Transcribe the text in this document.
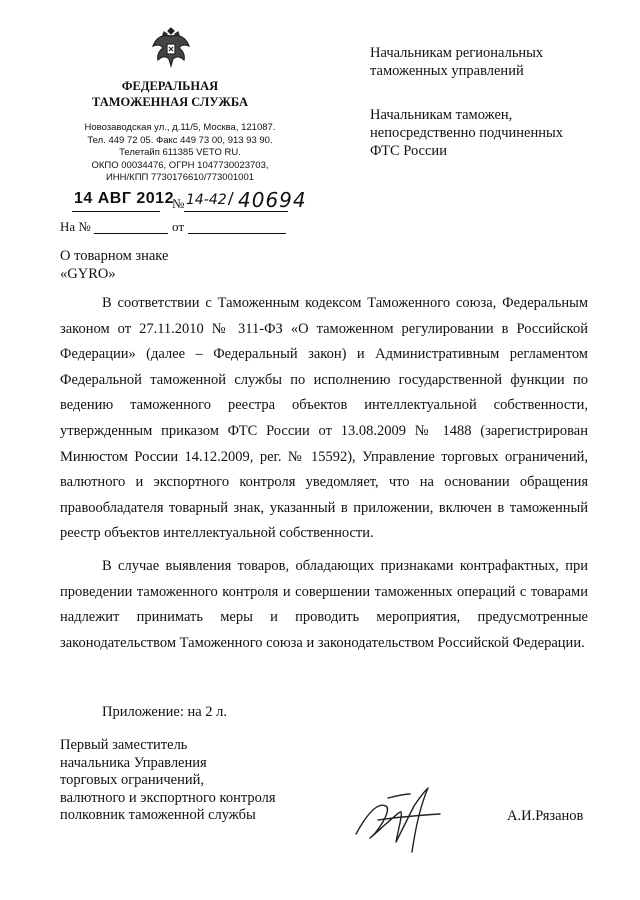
ФЕДЕРАЛЬНАЯ
ТАМОЖЕННАЯ СЛУЖБА
Новозаводская ул., д.11/5, Москва, 121087.
Тел. 449 72 05. Факс 449 73 00, 913 93 90.
Телетайп 611385 VETO RU.
ОКПО 00034476, ОГРН 1047730023703,
ИНН/КПП 7730176610/773001001
14 АВГ 2012
№ 14-42 / 40694
На №	от
Начальникам региональных
таможенных управлений
Начальникам таможен,
непосредственно подчиненных
ФТС России
О товарном знаке
«GYRO»

В соответствии с Таможенным кодексом Таможенного союза, Федеральным законом от 27.11.2010 № 311-ФЗ «О таможенном регулировании в Российской Федерации» (далее – Федеральный закон) и Административным регламентом Федеральной таможенной службы по исполнению государственной функции по ведению таможенного реестра объектов интеллектуальной собственности, утвержденным приказом ФТС России от 13.08.2009 № 1488 (зарегистрирован Минюстом России 14.12.2009, рег. № 15592), Управление торговых ограничений, валютного и экспортного контроля уведомляет, что на основании обращения правообладателя товарный знак, указанный в приложении, включен в таможенный реестр объектов интеллектуальной собственности.

В случае выявления товаров, обладающих признаками контрафактных, при проведении таможенного контроля и совершении таможенных операций с товарами надлежит принимать меры и проводить мероприятия, предусмотренные законодательством Таможенного союза и законодательством Российской Федерации.

Приложение: на 2 л.
Первый заместитель
начальника Управления
торговых ограничений,
валютного и экспортного контроля
полковник таможенной службы	А.И.Рязанов
